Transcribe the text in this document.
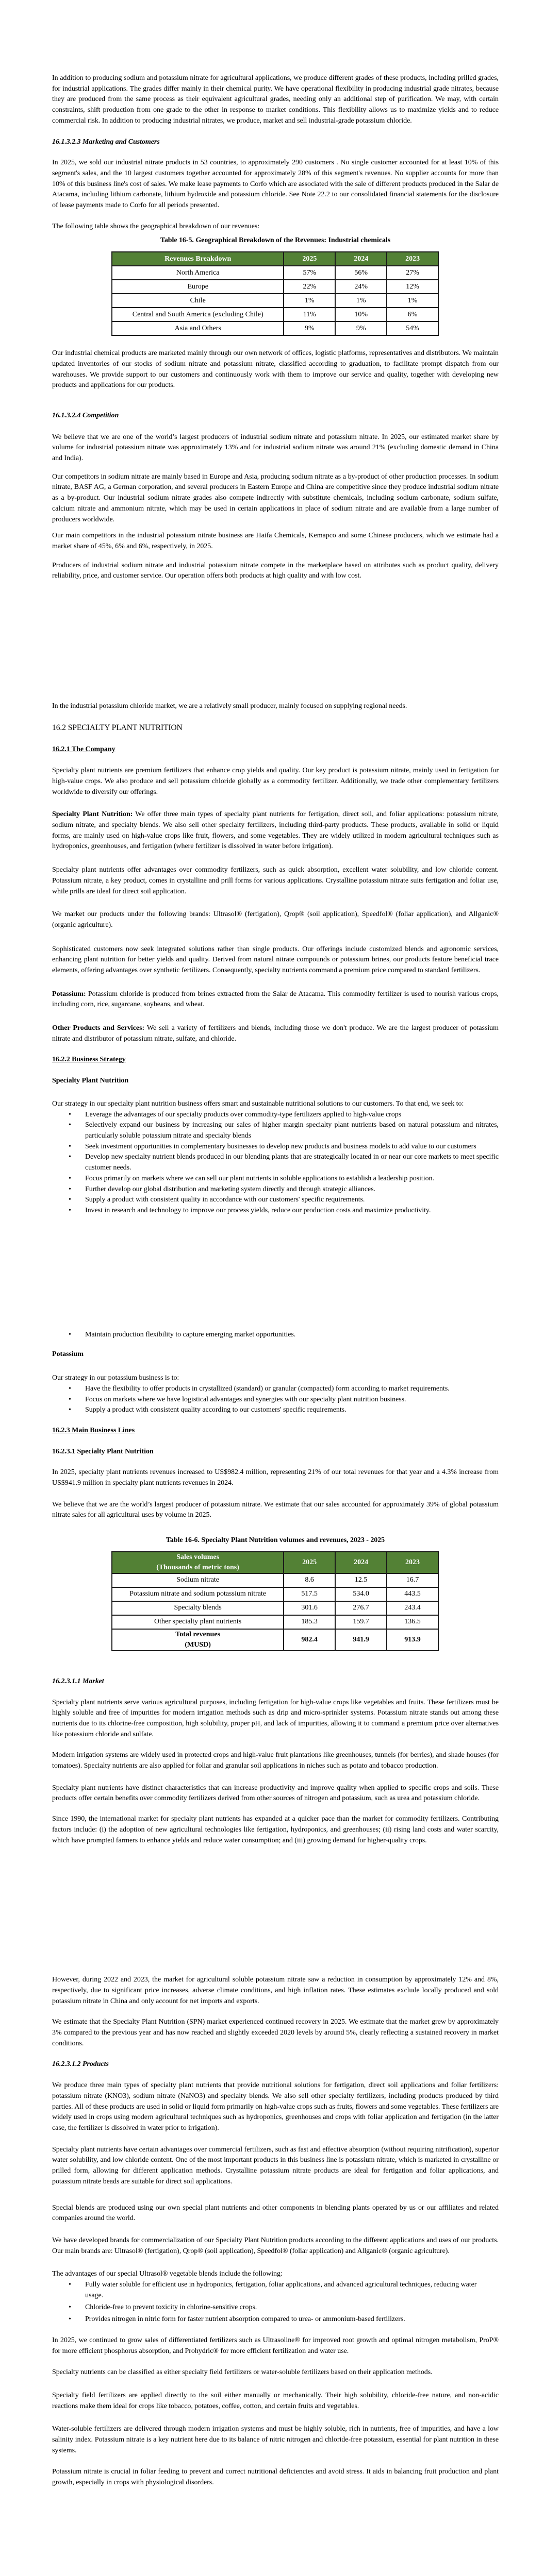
In addition to producing sodium and potassium nitrate for agricultural applications, we produce different grades of these products, including prilled grades, for industrial applications. The grades differ mainly in their chemical purity. We have operational flexibility in producing industrial grade nitrates, because they are produced from the same process as their equivalent agricultural grades, needing only an additional step of purification. We may, with certain constraints, shift production from one grade to the other in response to market conditions. This flexibility allows us to maximize yields and to reduce commercial risk. In addition to producing industrial nitrates, we produce, market and sell industrial-grade potassium chloride.

16.1.3.2.3 Marketing and Customers

In 2025, we sold our industrial nitrate products in 53 countries, to approximately 290 customers . No single customer accounted for at least 10% of this segment's sales, and the 10 largest customers together accounted for approximately 28% of this segment's revenues. No supplier accounts for more than 10% of this business line's cost of sales. We make lease payments to Corfo which are associated with the sale of different products produced in the Salar de Atacama, including lithium carbonate, lithium hydroxide and potassium chloride. See Note 22.2 to our consolidated financial statements for the disclosure of lease payments made to Corfo for all periods presented.

The following table shows the geographical breakdown of our revenues:

Table 16-5. Geographical Breakdown of the Revenues: Industrial chemicals

Revenues Breakdown	2025	2024	2023
North America	57%	56%	27%
Europe	22%	24%	12%
Chile	1%	1%	1%
Central and South America (excluding Chile)	11%	10%	6%
Asia and Others	9%	9%	54%

Our industrial chemical products are marketed mainly through our own network of offices, logistic platforms, representatives and distributors. We maintain updated inventories of our stocks of sodium nitrate and potassium nitrate, classified according to graduation, to facilitate prompt dispatch from our warehouses. We provide support to our customers and continuously work with them to improve our service and quality, together with developing new products and applications for our products.

16.1.3.2.4 Competition

We believe that we are one of the world’s largest producers of industrial sodium nitrate and potassium nitrate. In 2025, our estimated market share by volume for industrial potassium nitrate was approximately 13% and for industrial sodium nitrate was around 21% (excluding domestic demand in China and India).

Our competitors in sodium nitrate are mainly based in Europe and Asia, producing sodium nitrate as a by-product of other production processes. In sodium nitrate, BASF AG, a German corporation, and several producers in Eastern Europe and China are competitive since they produce industrial sodium nitrate as a by-product. Our industrial sodium nitrate grades also compete indirectly with substitute chemicals, including sodium carbonate, sodium sulfate, calcium nitrate and ammonium nitrate, which may be used in certain applications in place of sodium nitrate and are available from a large number of producers worldwide.

Our main competitors in the industrial potassium nitrate business are Haifa Chemicals, Kemapco and some Chinese producers, which we estimate had a market share of 45%, 6% and 6%, respectively, in 2025.

Producers of industrial sodium nitrate and industrial potassium nitrate compete in the marketplace based on attributes such as product quality, delivery reliability, price, and customer service. Our operation offers both products at high quality and with low cost.

In the industrial potassium chloride market, we are a relatively small producer, mainly focused on supplying regional needs.

16.2 SPECIALTY PLANT NUTRITION

16.2.1 The Company

Specialty plant nutrients are premium fertilizers that enhance crop yields and quality. Our key product is potassium nitrate, mainly used in fertigation for high-value crops. We also produce and sell potassium chloride globally as a commodity fertilizer. Additionally, we trade other complementary fertilizers worldwide to diversify our offerings.

Specialty Plant Nutrition: We offer three main types of specialty plant nutrients for fertigation, direct soil, and foliar applications: potassium nitrate, sodium nitrate, and specialty blends. We also sell other specialty fertilizers, including third-party products. These products, available in solid or liquid forms, are mainly used on high-value crops like fruit, flowers, and some vegetables. They are widely utilized in modern agricultural techniques such as hydroponics, greenhouses, and fertigation (where fertilizer is dissolved in water before irrigation).

Specialty plant nutrients offer advantages over commodity fertilizers, such as quick absorption, excellent water solubility, and low chloride content. Potassium nitrate, a key product, comes in crystalline and prill forms for various applications. Crystalline potassium nitrate suits fertigation and foliar use, while prills are ideal for direct soil application.

We market our products under the following brands: Ultrasol® (fertigation), Qrop® (soil application), Speedfol® (foliar application), and Allganic® (organic agriculture).

Sophisticated customers now seek integrated solutions rather than single products. Our offerings include customized blends and agronomic services, enhancing plant nutrition for better yields and quality. Derived from natural nitrate compounds or potassium brines, our products feature beneficial trace elements, offering advantages over synthetic fertilizers. Consequently, specialty nutrients command a premium price compared to standard fertilizers.

Potassium: Potassium chloride is produced from brines extracted from the Salar de Atacama. This commodity fertilizer is used to nourish various crops, including corn, rice, sugarcane, soybeans, and wheat.

Other Products and Services: We sell a variety of fertilizers and blends, including those we don't produce. We are the largest producer of potassium nitrate and distributor of potassium nitrate, sulfate, and chloride.

16.2.2 Business Strategy

Specialty Plant Nutrition

Our strategy in our specialty plant nutrition business offers smart and sustainable nutritional solutions to our customers. To that end, we seek to:

• Leverage the advantages of our specialty products over commodity-type fertilizers applied to high-value crops
• Selectively expand our business by increasing our sales of higher margin specialty plant nutrients based on natural potassium and nitrates, particularly soluble potassium nitrate and specialty blends
• Seek investment opportunities in complementary businesses to develop new products and business models to add value to our customers
• Develop new specialty nutrient blends produced in our blending plants that are strategically located in or near our core markets to meet specific customer needs.
• Focus primarily on markets where we can sell our plant nutrients in soluble applications to establish a leadership position.
• Further develop our global distribution and marketing system directly and through strategic alliances.
• Supply a product with consistent quality in accordance with our customers' specific requirements.
• Invest in research and technology to improve our process yields, reduce our production costs and maximize productivity.
• Maintain production flexibility to capture emerging market opportunities.

Potassium

Our strategy in our potassium business is to:

• Have the flexibility to offer products in crystallized (standard) or granular (compacted) form according to market requirements.
• Focus on markets where we have logistical advantages and synergies with our specialty plant nutrition business.
• Supply a product with consistent quality according to our customers' specific requirements.

16.2.3 Main Business Lines

16.2.3.1 Specialty Plant Nutrition

In 2025, specialty plant nutrients revenues increased to US$982.4 million, representing 21% of our total revenues for that year and a 4.3% increase from US$941.9 million in specialty plant nutrients revenues in 2024.

We believe that we are the world’s largest producer of potassium nitrate. We estimate that our sales accounted for approximately 39% of global potassium nitrate sales for all agricultural uses by volume in 2025.

Table 16-6. Specialty Plant Nutrition volumes and revenues, 2023 - 2025

Sales volumes
(Thousands of metric tons)	2025	2024	2023
Sodium nitrate	8.6	12.5	16.7
Potassium nitrate and sodium potassium nitrate	517.5	534.0	443.5
Specialty blends	301.6	276.7	243.4
Other specialty plant nutrients	185.3	159.7	136.5

Total revenues
(MUSD)	982.4	941.9	913.9

16.2.3.1.1 Market

Specialty plant nutrients serve various agricultural purposes, including fertigation for high-value crops like vegetables and fruits. These fertilizers must be highly soluble and free of impurities for modern irrigation methods such as drip and micro-sprinkler systems. Potassium nitrate stands out among these nutrients due to its chlorine-free composition, high solubility, proper pH, and lack of impurities, allowing it to command a premium price over alternatives like potassium chloride and sulfate.

Modern irrigation systems are widely used in protected crops and high-value fruit plantations like greenhouses, tunnels (for berries), and shade houses (for tomatoes). Specialty nutrients are also applied for foliar and granular soil applications in niches such as potato and tobacco production.

Specialty plant nutrients have distinct characteristics that can increase productivity and improve quality when applied to specific crops and soils. These products offer certain benefits over commodity fertilizers derived from other sources of nitrogen and potassium, such as urea and potassium chloride.

Since 1990, the international market for specialty plant nutrients has expanded at a quicker pace than the market for commodity fertilizers. Contributing factors include: (i) the adoption of new agricultural technologies like fertigation, hydroponics, and greenhouses; (ii) rising land costs and water scarcity, which have prompted farmers to enhance yields and reduce water consumption; and (iii) growing demand for higher-quality crops.

However, during 2022 and 2023, the market for agricultural soluble potassium nitrate saw a reduction in consumption by approximately 12% and 8%, respectively, due to significant price increases, adverse climate conditions, and high inflation rates. These estimates exclude locally produced and sold potassium nitrate in China and only account for net imports and exports.

We estimate that the Specialty Plant Nutrition (SPN) market experienced continued recovery in 2025. We estimate that the market grew by approximately 3% compared to the previous year and has now reached and slightly exceeded 2020 levels by around 5%, clearly reflecting a sustained recovery in market conditions.

16.2.3.1.2 Products

We produce three main types of specialty plant nutrients that provide nutritional solutions for fertigation, direct soil applications and foliar fertilizers: potassium nitrate (KNO3), sodium nitrate (NaNO3) and specialty blends. We also sell other specialty fertilizers, including products produced by third parties. All of these products are used in solid or liquid form primarily on high-value crops such as fruits, flowers and some vegetables. These fertilizers are widely used in crops using modern agricultural techniques such as hydroponics, greenhouses and crops with foliar application and fertigation (in the latter case, the fertilizer is dissolved in water prior to irrigation).

Specialty plant nutrients have certain advantages over commercial fertilizers, such as fast and effective absorption (without requiring nitrification), superior water solubility, and low chloride content. One of the most important products in this business line is potassium nitrate, which is marketed in crystalline or prilled form, allowing for different application methods. Crystalline potassium nitrate products are ideal for fertigation and foliar applications, and potassium nitrate beads are suitable for direct soil applications.

Special blends are produced using our own special plant nutrients and other components in blending plants operated by us or our affiliates and related companies around the world.

We have developed brands for commercialization of our Specialty Plant Nutrition products according to the different applications and uses of our products. Our main brands are: Ultrasol® (fertigation), Qrop® (soil application), Speedfol® (foliar application) and Allganic® (organic agriculture).

The advantages of our special Ultrasol® vegetable blends include the following:

• Fully water soluble for efficient use in hydroponics, fertigation, foliar applications, and advanced agricultural techniques, reducing water usage.
• Chloride-free to prevent toxicity in chlorine-sensitive crops.
• Provides nitrogen in nitric form for faster nutrient absorption compared to urea- or ammonium-based fertilizers.

In 2025, we continued to grow sales of differentiated fertilizers such as Ultrasoline® for improved root growth and optimal nitrogen metabolism, ProP® for more efficient phosphorus absorption, and Prohydric® for more efficient fertilization and water use.

Specialty nutrients can be classified as either specialty field fertilizers or water-soluble fertilizers based on their application methods.

Specialty field fertilizers are applied directly to the soil either manually or mechanically. Their high solubility, chloride-free nature, and non-acidic reactions make them ideal for crops like tobacco, potatoes, coffee, cotton, and certain fruits and vegetables.

Water-soluble fertilizers are delivered through modern irrigation systems and must be highly soluble, rich in nutrients, free of impurities, and have a low salinity index. Potassium nitrate is a key nutrient here due to its balance of nitric nitrogen and chloride-free potassium, essential for plant nutrition in these systems.

Potassium nitrate is crucial in foliar feeding to prevent and correct nutritional deficiencies and avoid stress. It aids in balancing fruit production and plant growth, especially in crops with physiological disorders.
